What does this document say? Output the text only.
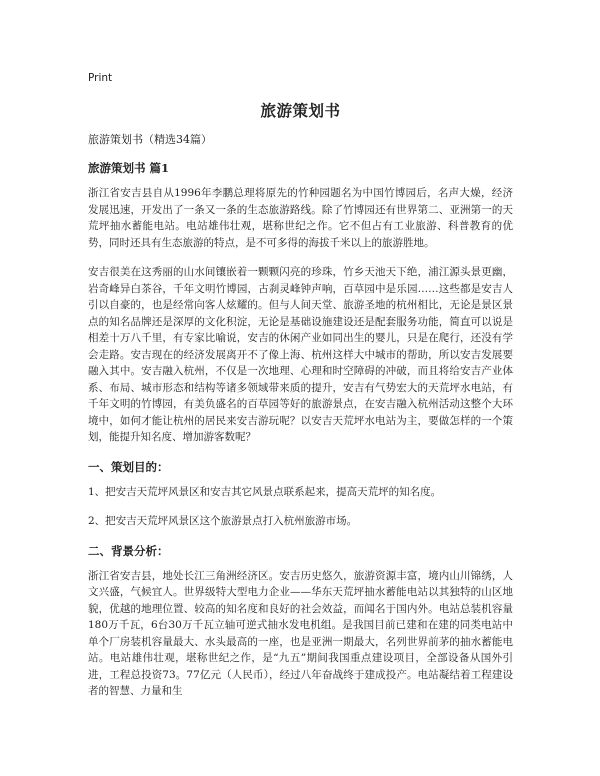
Print
旅游策划书
旅游策划书（精选34篇）
旅游策划书 篇1

浙江省安吉县自从1996年李鹏总理将原先的竹种园题名为中国竹博园后，名声大燥，经济发展迅速，开发出了一条又一条的生态旅游路线。除了竹博园还有世界第二、亚洲第一的天荒坪抽水蓄能电站。电站雄伟壮观，堪称世纪之作。它不但占有工业旅游、科普教育的优势，同时还具有生态旅游的特点，是不可多得的海拔千米以上的旅游胜地。

安吉很美在这秀丽的山水间镶嵌着一颗颗闪亮的珍珠，竹乡天池天下绝，浦江源头景更幽，岩奇峰异白茶谷，千年文明竹博园，古刹灵峰钟声响，百草园中是乐园……这些都是安吉人引以自豪的，也是经常向客人炫耀的。但与人间天堂、旅游圣地的杭州相比，无论是景区景点的知名品牌还是深厚的文化积淀，无论是基础设施建设还是配套服务功能，简直可以说是相差十万八千里，有专家比喻说，安吉的休闲产业如同出生的婴儿，只是在爬行，还没有学会走路。安吉现在的经济发展离开不了像上海、杭州这样大中城市的帮助，所以安吉发展要融入其中。安吉融入杭州，不仅是一次地理、心理和时空障碍的冲破，而且将给安吉产业体系、布局、城市形态和结构等诸多领域带来质的提升，安吉有气势宏大的天荒坪水电站，有千年文明的竹博园，有美负盛名的百草园等好的旅游景点，在安吉融入杭州活动这整个大环境中，如何才能让杭州的居民来安吉游玩呢？以安吉天荒坪水电站为主，要做怎样的一个策划，能提升知名度、增加游客数呢？

一、策划目的：

1、把安吉天荒坪风景区和安吉其它风景点联系起来，提高天荒坪的知名度。

2、把安吉天荒坪风景区这个旅游景点打入杭州旅游市场。

二、背景分析：

浙江省安吉县，地处长江三角洲经济区。安吉历史悠久，旅游资源丰富，境内山川锦绣，人文兴盛，气候宜人。世界级特大型电力企业——华东天荒坪抽水蓄能电站以其独特的山区地貌，优越的地理位置、较高的知名度和良好的社会效益，而闻名于国内外。电站总装机容量180万千瓦，6台30万千瓦立轴可逆式抽水发电机组。是我国目前已建和在建的同类电站中单个厂房装机容量最大、水头最高的一座，也是亚洲一期最大，名列世界前茅的抽水蓄能电站。电站雄伟壮观，堪称世纪之作，是“九五”期间我国重点建设项目，全部设备从国外引进，工程总投资73。77亿元（人民币），经过八年奋战终于建成投产。电站凝结着工程建设者的智慧、力量和生
